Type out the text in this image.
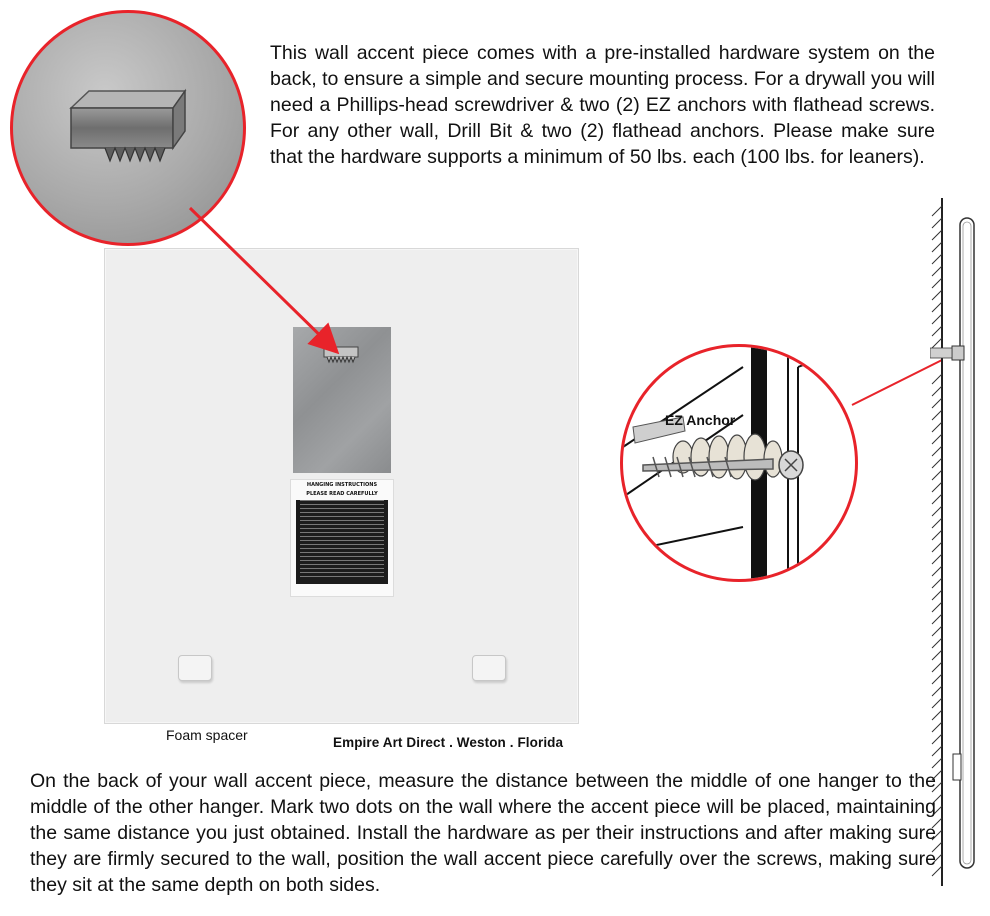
This wall accent piece comes with a pre-installed hardware system on the back, to ensure a simple and secure mounting process. For a drywall you will need a Phillips-head screwdriver & two (2) EZ anchors with flathead screws. For any other wall, Drill Bit & two (2) flathead anchors. Please make sure that the hardware supports a minimum of 50 lbs. each (100 lbs. for leaners).

HANGING INSTRUCTIONS
PLEASE READ CAREFULLY
Foam spacer	Empire Art Direct . Weston . Florida
EZ Anchor

On the back of your wall accent piece, measure the distance between the middle of one hanger to the middle of the other hanger. Mark two dots on the wall where the accent piece will be placed, maintaining the same distance you just obtained. Install the hardware as per their instructions and after making sure they are firmly secured to the wall, position the wall accent piece carefully over the screws, making sure they sit at the same depth on both sides.
